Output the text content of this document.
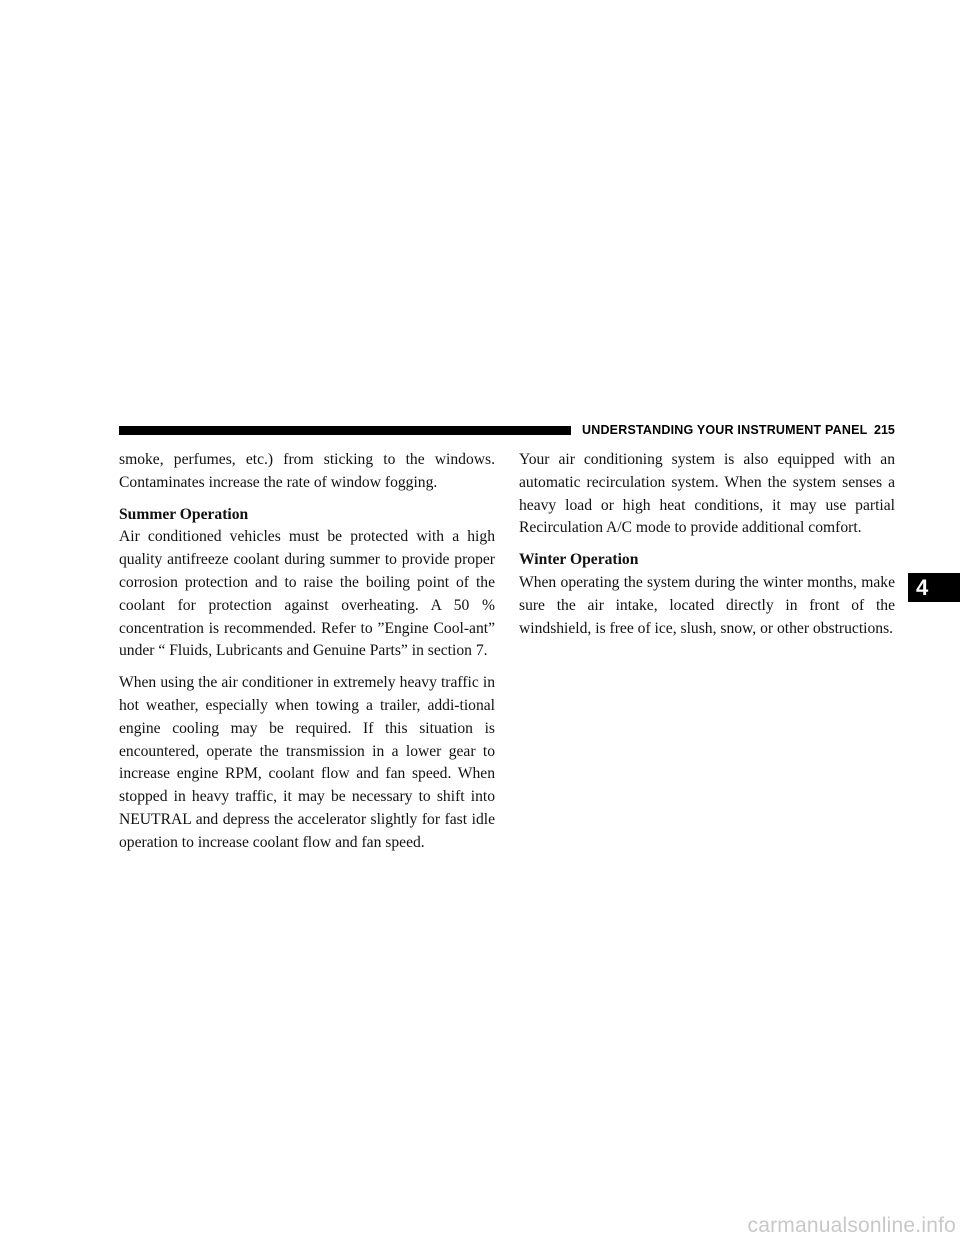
UNDERSTANDING YOUR INSTRUMENT PANEL 215

smoke, perfumes, etc.) from sticking to the windows. Contaminates increase the rate of window fogging.

Summer Operation

Air conditioned vehicles must be protected with a high quality antifreeze coolant during summer to provide proper corrosion protection and to raise the boiling point of the coolant for protection against overheating. A 50 % concentration is recommended. Refer to ”Engine Cool-ant” under “ Fluids, Lubricants and Genuine Parts” in section 7.

When using the air conditioner in extremely heavy traffic in hot weather, especially when towing a trailer, addi-tional engine cooling may be required. If this situation is encountered, operate the transmission in a lower gear to increase engine RPM, coolant flow and fan speed. When stopped in heavy traffic, it may be necessary to shift into NEUTRAL and depress the accelerator slightly for fast idle operation to increase coolant flow and fan speed.

Your air conditioning system is also equipped with an automatic recirculation system. When the system senses a heavy load or high heat conditions, it may use partial Recirculation A/C mode to provide additional comfort.

Winter Operation

When operating the system during the winter months, make sure the air intake, located directly in front of the windshield, is free of ice, slush, snow, or other obstructions.

4
carmanualsonline.info
